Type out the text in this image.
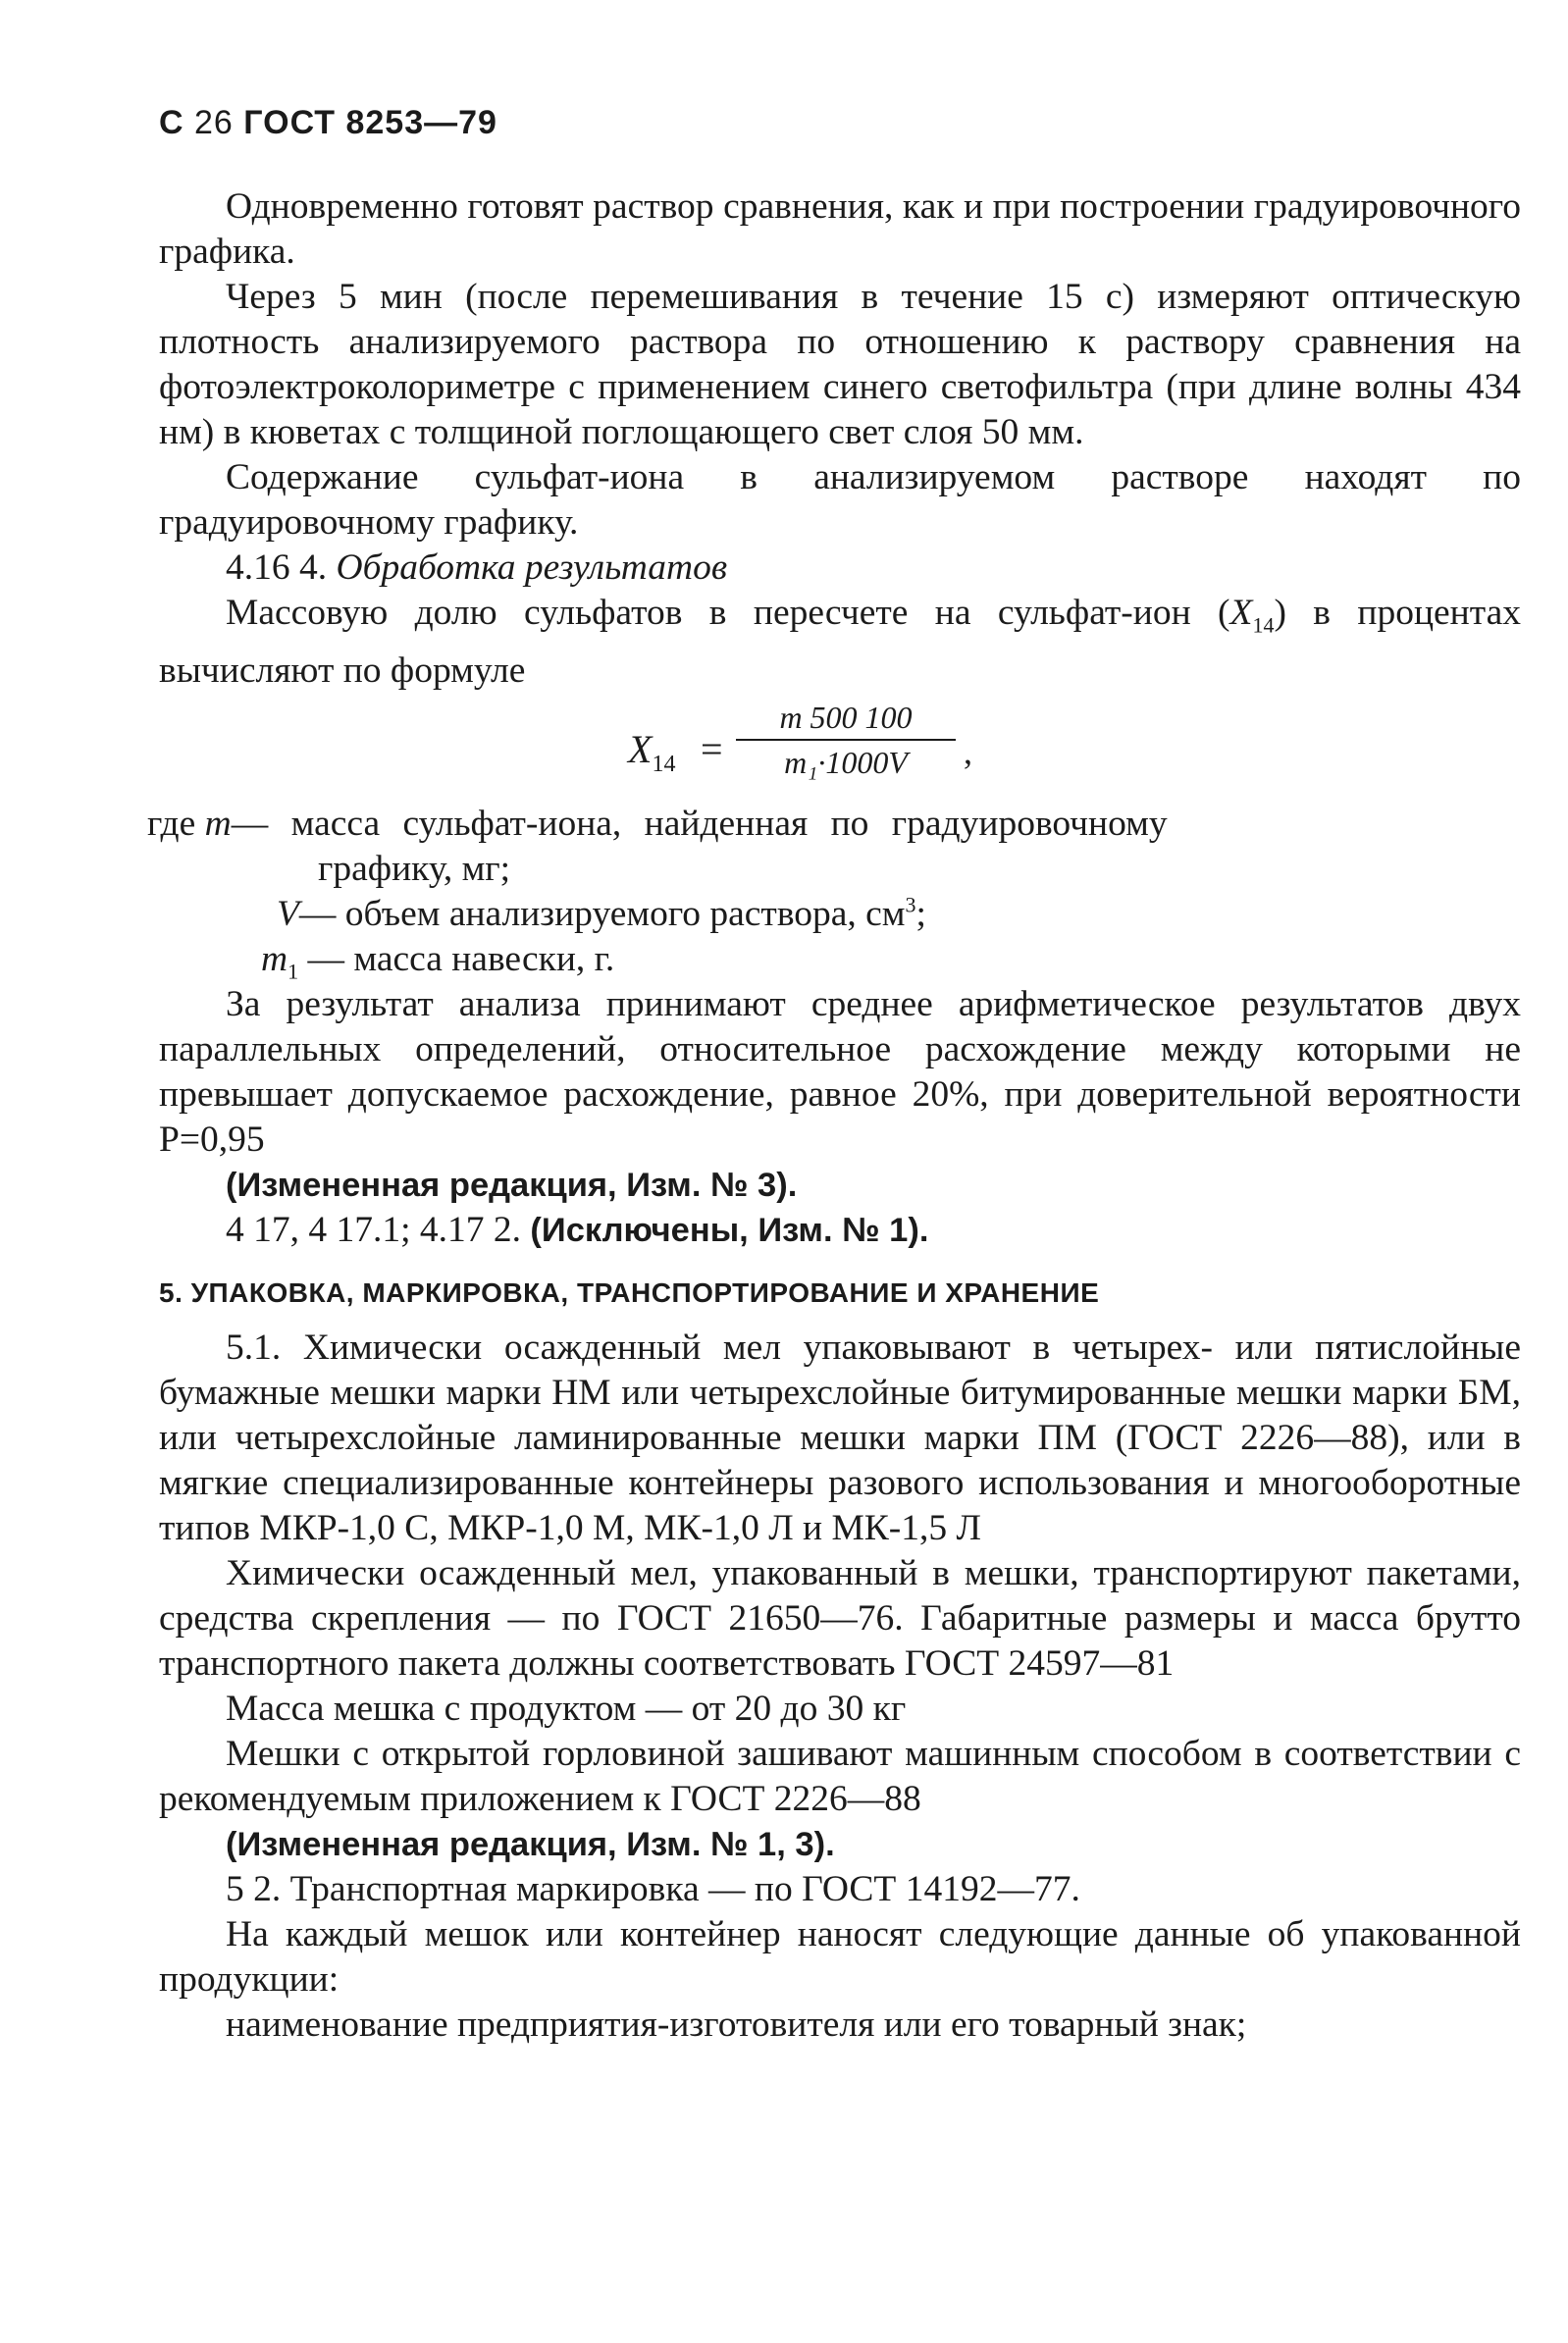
С 26 ГОСТ 8253—79

Одновременно готовят раствор сравнения, как и при построении градуировочного графика.

Через 5 мин (после перемешивания в течение 15 с) измеряют оптическую плотность анализируемого раствора по отношению к раствору сравнения на фотоэлектроколориметре с применением синего светофильтра (при длине волны 434 нм) в кюветах с толщиной поглощающего свет слоя 50 мм.

Содержание сульфат-иона в анализируемом растворе находят по градуировочному графику.

4.16 4. Обработка результатов

Массовую долю сульфатов в пересчете на сульфат-ион $(X_{14})$ в процентах вычисляют по формуле

$X_{14} = \frac{m 500 100}{\text{m₁·1000V}}$ ,
где m— масса сульфат-иона, найденная по градуировочному
графику, мг;
V— объем анализируемого раствора, $см^3$;
$m_1$ — масса навески, г.

За результат анализа принимают среднее арифметическое результатов двух параллельных определений, относительное расхождение между которыми не превышает допускаемое расхождение, равное 20%, при доверительной вероятности P=0,95

(Измененная редакция, Изм. № 3).

4 17, 4 17.1; 4.17 2. (Исключены, Изм. № 1).

5. УПАКОВКА, МАРКИРОВКА, ТРАНСПОРТИРОВАНИЕ И ХРАНЕНИЕ

5.1. Химически осажденный мел упаковывают в четырех- или пятислойные бумажные мешки марки НМ или четырехслойные битумированные мешки марки БМ, или четырехслойные ламинированные мешки марки ПМ (ГОСТ 2226—88), или в мягкие специализированные контейнеры разового использования и многооборотные типов МКР-1,0 С, МКР-1,0 М, МК-1,0 Л и МК-1,5 Л

Химически осажденный мел, упакованный в мешки, транспортируют пакетами, средства скрепления — по ГОСТ 21650—76. Габаритные размеры и масса брутто транспортного пакета должны соответствовать ГОСТ 24597—81

Масса мешка с продуктом — от 20 до 30 кг

Мешки с открытой горловиной зашивают машинным способом в соответствии с рекомендуемым приложением к ГОСТ 2226—88

(Измененная редакция, Изм. № 1, 3).

5 2. Транспортная маркировка — по ГОСТ 14192—77.

На каждый мешок или контейнер наносят следующие данные об упакованной продукции:

наименование предприятия-изготовителя или его товарный знак;
